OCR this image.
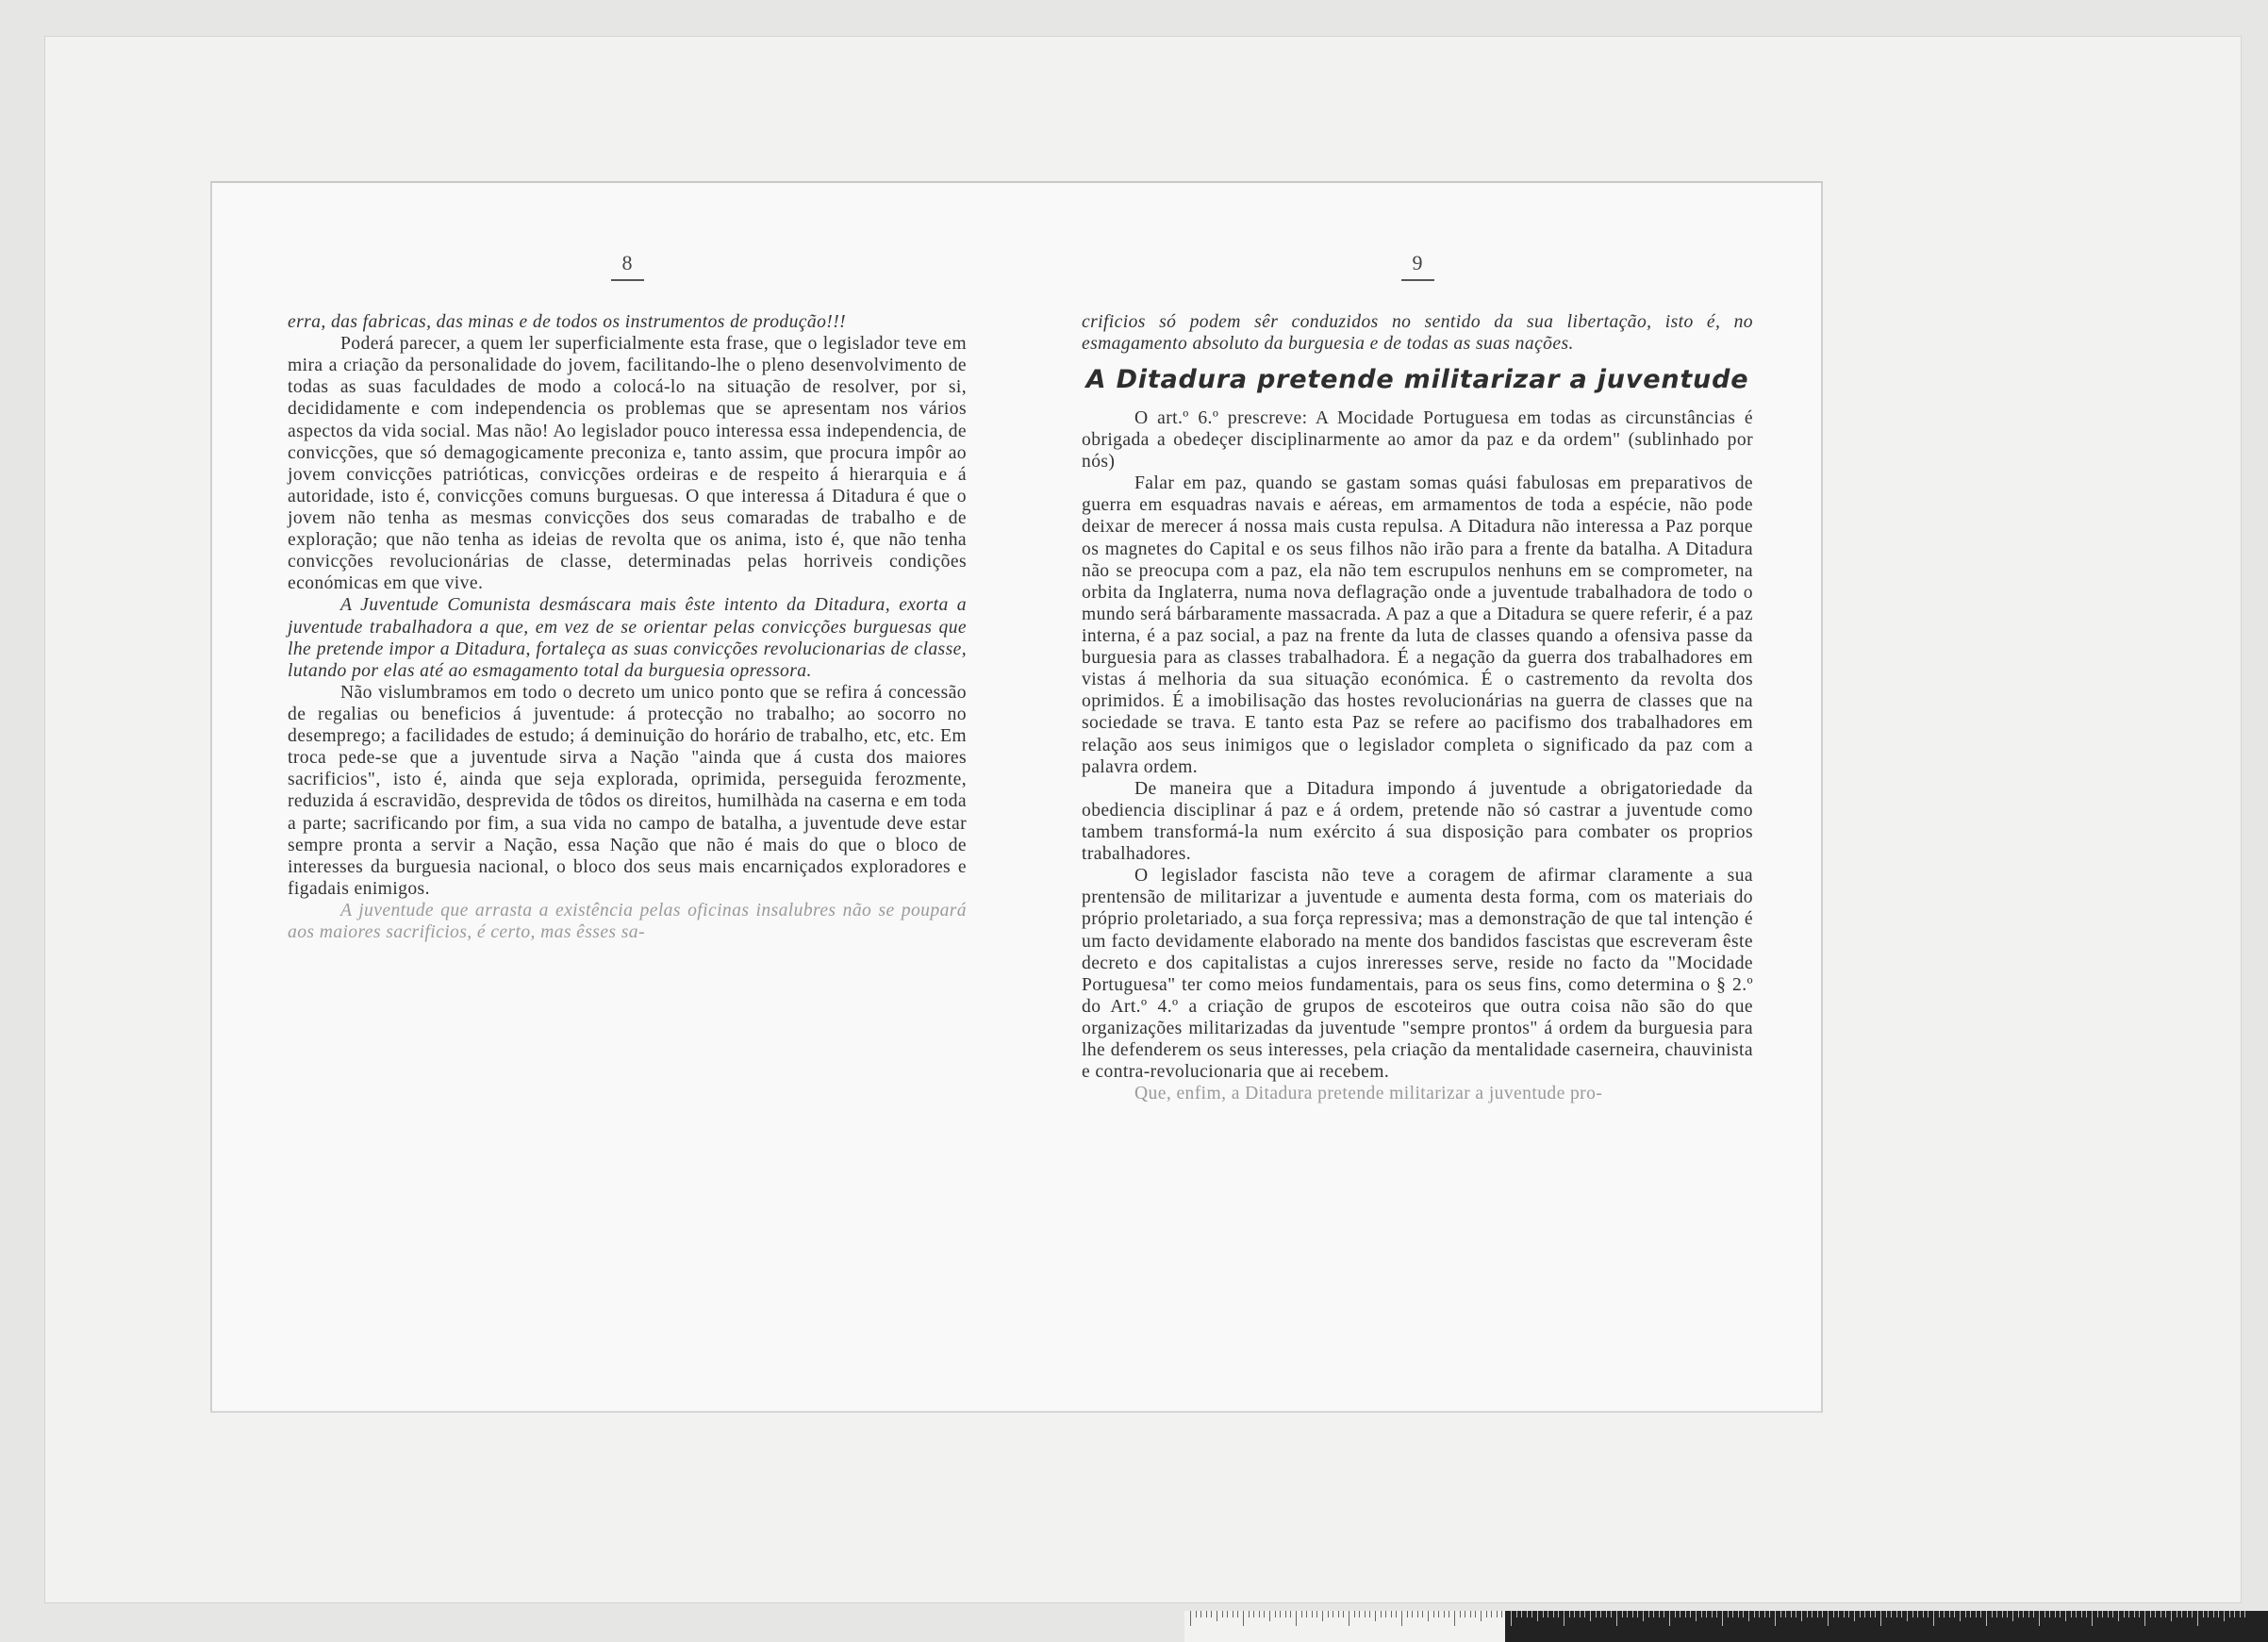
8

erra, das fabricas, das minas e de todos os instrumentos de produção!!!

Poderá parecer, a quem ler superficialmente esta frase, que o legislador teve em mira a criação da personalidade do jovem, facilitando-lhe o pleno desenvolvimento de todas as suas faculdades de modo a colocá-lo na situação de resolver, por si, decididamente e com independencia os problemas que se apresentam nos vários aspectos da vida social. Mas não! Ao legislador pouco interessa essa independencia, de convicções, que só demagogicamente preconiza e, tanto assim, que procura impôr ao jovem convicções patrióticas, convicções ordeiras e de respeito á hierarquia e á autoridade, isto é, convicções comuns burguesas. O que interessa á Ditadura é que o jovem não tenha as mesmas convicções dos seus comaradas de trabalho e de exploração; que não tenha as ideias de revolta que os anima, isto é, que não tenha convicções revolucionárias de classe, determinadas pelas horriveis condições económicas em que vive.

A Juventude Comunista desmáscara mais êste intento da Ditadura, exorta a juventude trabalhadora a que, em vez de se orientar pelas convicções burguesas que lhe pretende impor a Ditadura, fortaleça as suas convicções revolucionarias de classe, lutando por elas até ao esmagamento total da burguesia opressora.

Não vislumbramos em todo o decreto um unico ponto que se refira á concessão de regalias ou beneficios á juventude: á protecção no trabalho; ao socorro no desemprego; a facilidades de estudo; á deminuição do horário de trabalho, etc, etc. Em troca pede-se que a juventude sirva a Nação "ainda que á custa dos maiores sacrificios", isto é, ainda que seja explorada, oprimida, perseguida ferozmente, reduzida á escravidão, desprevida de tôdos os direitos, humilhàda na caserna e em toda a parte; sacrificando por fim, a sua vida no campo de batalha, a juventude deve estar sempre pronta a servir a Nação, essa Nação que não é mais do que o bloco de interesses da burguesia nacional, o bloco dos seus mais encarniçados exploradores e figadais enimigos.

A juventude que arrasta a existência pelas oficinas insalubres não se poupará aos maiores sacrificios, é certo, mas êsses sa-

9

crificios só podem sêr conduzidos no sentido da sua libertação, isto é, no esmagamento absoluto da burguesia e de todas as suas nações.

A Ditadura pretende militarizar a juventude

O art.º 6.º prescreve: A Mocidade Portuguesa em todas as circunstâncias é obrigada a obedeçer disciplinarmente ao amor da paz e da ordem" (sublinhado por nós)

Falar em paz, quando se gastam somas quási fabulosas em preparativos de guerra em esquadras navais e aéreas, em armamentos de toda a espécie, não pode deixar de merecer á nossa mais custa repulsa. A Ditadura não interessa a Paz porque os magnetes do Capital e os seus filhos não irão para a frente da batalha. A Ditadura não se preocupa com a paz, ela não tem escrupulos nenhuns em se comprometer, na orbita da Inglaterra, numa nova deflagração onde a juventude trabalhadora de todo o mundo será bárbaramente massacrada. A paz a que a Ditadura se quere referir, é a paz interna, é a paz social, a paz na frente da luta de classes quando a ofensiva passe da burguesia para as classes trabalhadora. É a negação da guerra dos trabalhadores em vistas á melhoria da sua situação económica. É o castremento da revolta dos oprimidos. É a imobilisação das hostes revolucionárias na guerra de classes que na sociedade se trava. E tanto esta Paz se refere ao pacifismo dos trabalhadores em relação aos seus inimigos que o legislador completa o significado da paz com a palavra ordem.

De maneira que a Ditadura impondo á juventude a obrigatoriedade da obediencia disciplinar á paz e á ordem, pretende não só castrar a juventude como tambem transformá-la num exército á sua disposição para combater os proprios trabalhadores.

O legislador fascista não teve a coragem de afirmar claramente a sua prentensão de militarizar a juventude e aumenta desta forma, com os materiais do próprio proletariado, a sua força repressiva; mas a demonstração de que tal intenção é um facto devidamente elaborado na mente dos bandidos fascistas que escreveram êste decreto e dos capitalistas a cujos inreresses serve, reside no facto da "Mocidade Portuguesa" ter como meios fundamentais, para os seus fins, como determina o § 2.º do Art.º 4.º a criação de grupos de escoteiros que outra coisa não são do que organizações militarizadas da juventude "sempre prontos" á ordem da burguesia para lhe defenderem os seus interesses, pela criação da mentalidade caserneira, chauvinista e contra-revolucionaria que ai recebem.

Que, enfim, a Ditadura pretende militarizar a juventude pro-
